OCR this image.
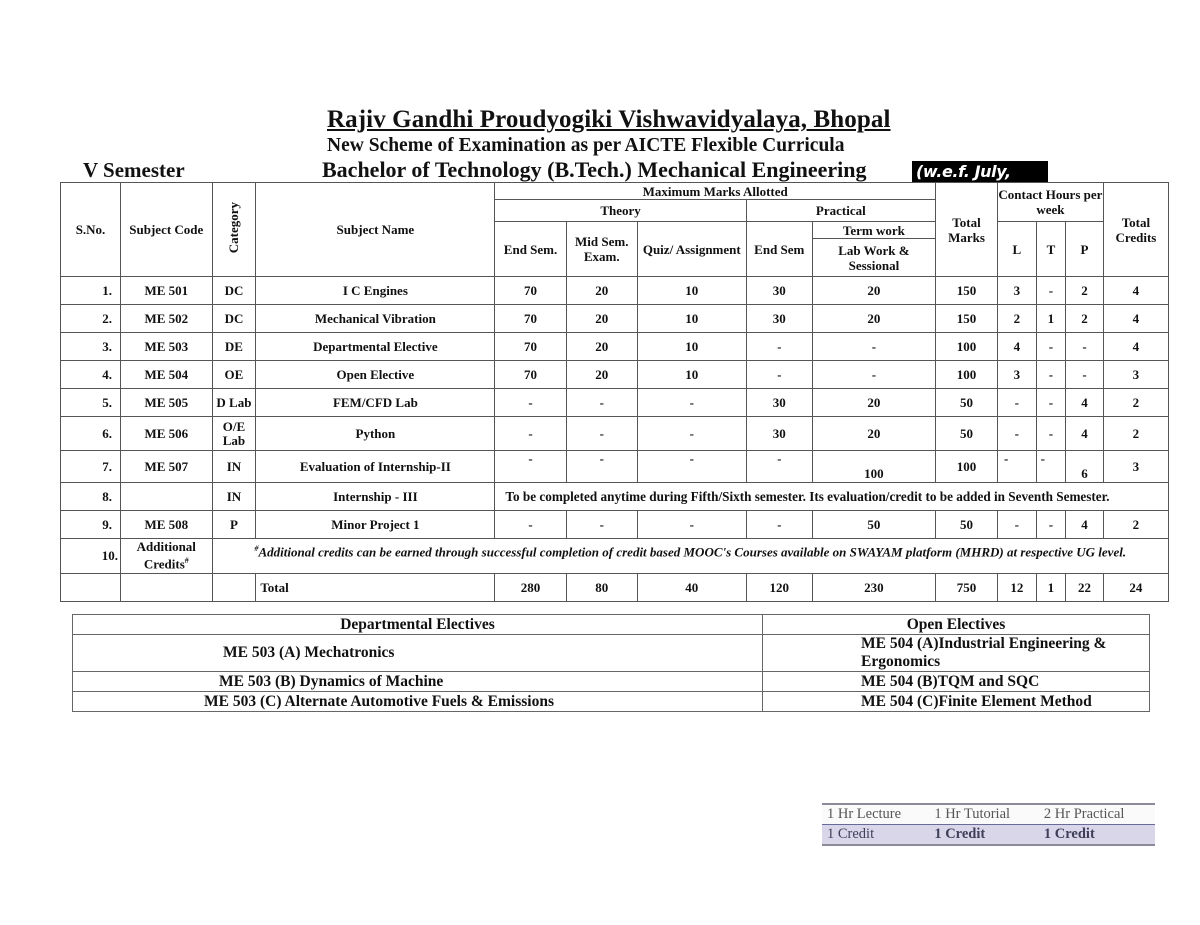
Rajiv Gandhi Proudyogiki Vishwavidyalaya, Bhopal
New Scheme of Examination as per AICTE Flexible Curricula
V Semester	Bachelor of Technology (B.Tech.) Mechanical Engineering	(w.e.f. July, 2019)
S.No.	Subject Code	Category	Subject Name	Maximum Marks Allotted					Total Marks	Contact Hours per week			Total Credits
				Theory			Practical						
				End Sem.	Mid Sem. Exam.	Quiz/ Assignment	End Sem	Term work		L	T	P	
								Lab Work & Sessional					
1.	ME 501	DC	I C Engines	70	20	10	30	20	150	3	-	2	4
2.	ME 502	DC	Mechanical Vibration	70	20	10	30	20	150	2	1	2	4
3.	ME 503	DE	Departmental Elective	70	20	10	-	-	100	4	-	-	4
4.	ME 504	OE	Open Elective	70	20	10	-	-	100	3	-	-	3
5.	ME 505	D Lab	FEM/CFD Lab	-	-	-	30	20	50	-	-	4	2
6.	ME 506	O/E Lab	Python	-	-	-	30	20	50	-	-	4	2
7.	ME 507	IN	Evaluation of Internship-II	-	-	-	-	100	100	-	-	6	3
8.		IN	Internship - III	To be completed anytime during Fifth/Sixth semester. Its evaluation/credit to be added in Seventh Semester.									
9.	ME 508	P	Minor Project 1	-	-	-	-	50	50	-	-	4	2
10.	Additional Credits#	#Additional credits can be earned through successful completion of credit based MOOC's Courses available on SWAYAM platform (MHRD) at respective UG level.											
			Total	280	80	40	120	230	750	12	1	22	24
Departmental Electives	Open Electives
ME 503 (A) Mechatronics	ME 504 (A)Industrial Engineering & Ergonomics
ME 503 (B) Dynamics of Machine	ME 504 (B)TQM and SQC
ME 503 (C) Alternate Automotive Fuels & Emissions	ME 504 (C)Finite Element Method
1 Hr Lecture	1 Hr Tutorial	2 Hr Practical
1 Credit	1 Credit	1 Credit
